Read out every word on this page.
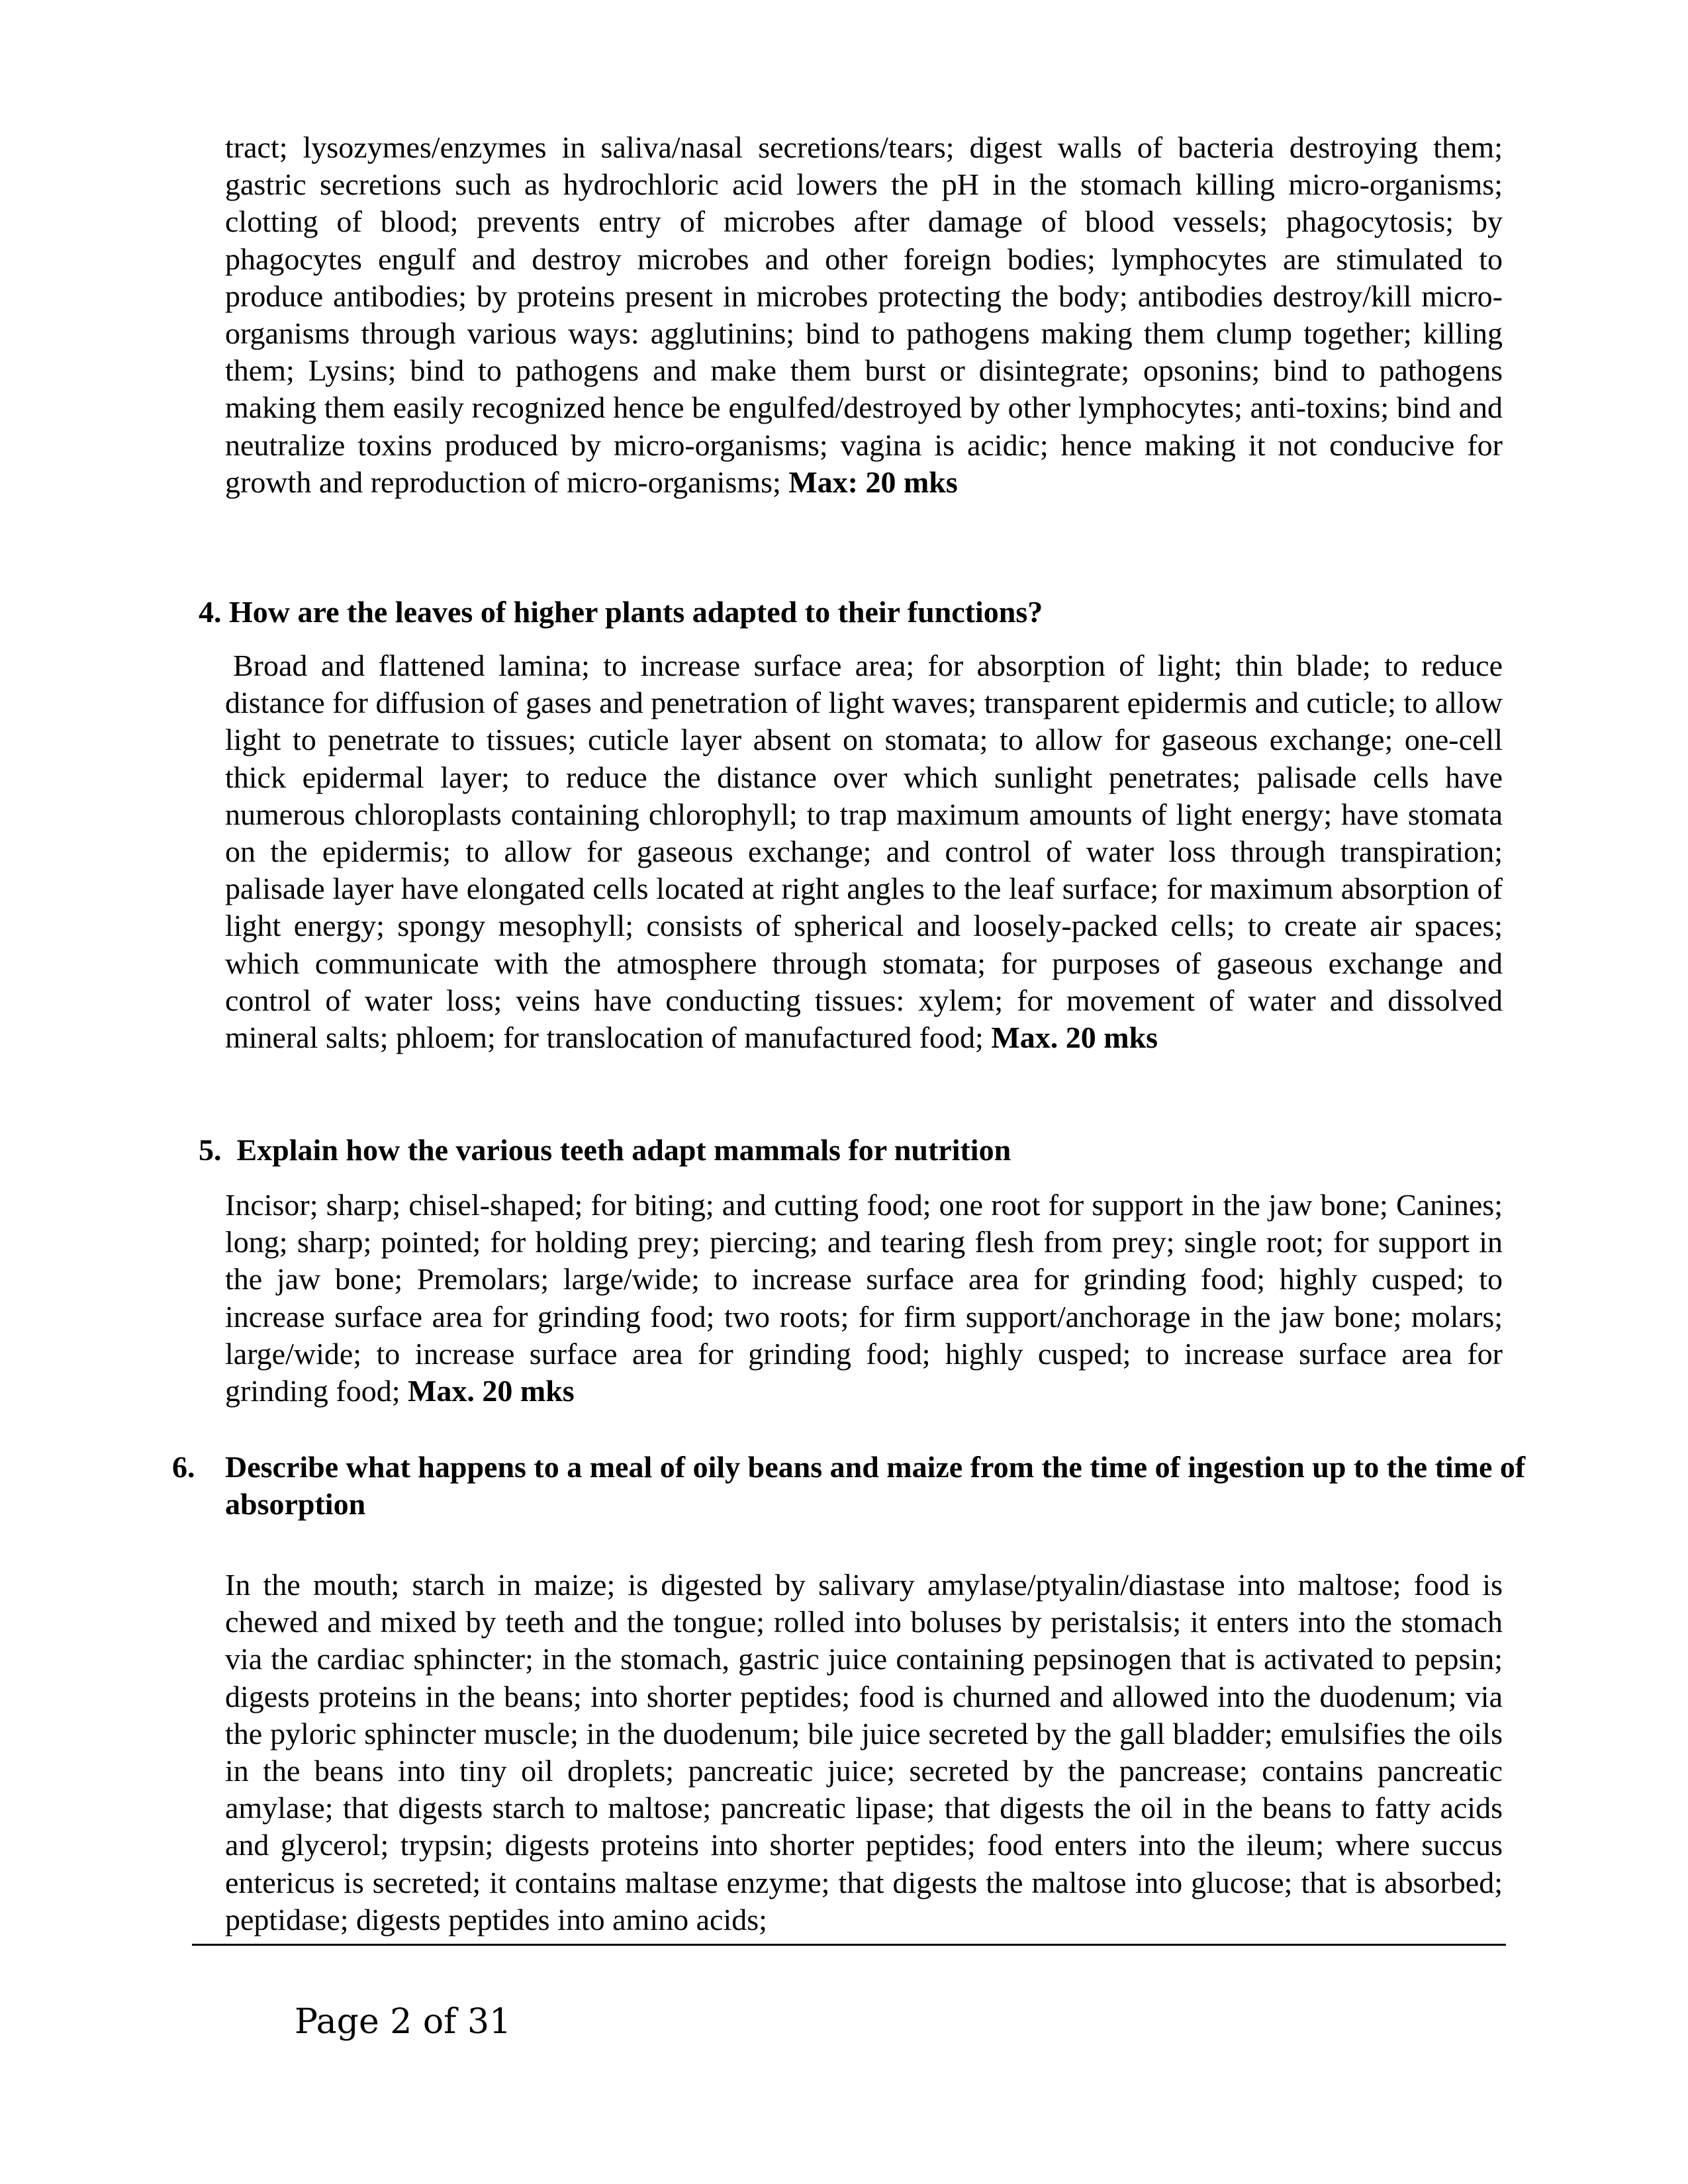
tract; lysozymes/enzymes in saliva/nasal secretions/tears; digest walls of bacteria destroying them; gastric secretions such as hydrochloric acid lowers the pH in the stomach killing micro-organisms; clotting of blood; prevents entry of microbes after damage of blood vessels; phagocytosis; by phagocytes engulf and destroy microbes and other foreign bodies; lymphocytes are stimulated to produce antibodies; by proteins present in microbes protecting the body; antibodies destroy/kill micro-organisms through various ways: agglutinins; bind to pathogens making them clump together; killing them; Lysins; bind to pathogens and make them burst or disintegrate; opsonins; bind to pathogens making them easily recognized hence be engulfed/destroyed by other lymphocytes; anti-toxins; bind and neutralize toxins produced by micro-organisms; vagina is acidic; hence making it not conducive for growth and reproduction of micro-organisms; Max: 20 mks

4. How are the leaves of higher plants adapted to their functions?

Broad and flattened lamina; to increase surface area; for absorption of light; thin blade; to reduce distance for diffusion of gases and penetration of light waves; transparent epidermis and cuticle; to allow light to penetrate to tissues; cuticle layer absent on stomata; to allow for gaseous exchange; one-cell thick epidermal layer; to reduce the distance over which sunlight penetrates; palisade cells have numerous chloroplasts containing chlorophyll; to trap maximum amounts of light energy; have stomata on the epidermis; to allow for gaseous exchange; and control of water loss through transpiration; palisade layer have elongated cells located at right angles to the leaf surface; for maximum absorption of light energy; spongy mesophyll; consists of spherical and loosely-packed cells; to create air spaces; which communicate with the atmosphere through stomata; for purposes of gaseous exchange and control of water loss; veins have conducting tissues: xylem; for movement of water and dissolved mineral salts; phloem; for translocation of manufactured food; Max. 20 mks

5. Explain how the various teeth adapt mammals for nutrition

Incisor; sharp; chisel-shaped; for biting; and cutting food; one root for support in the jaw bone; Canines; long; sharp; pointed; for holding prey; piercing; and tearing flesh from prey; single root; for support in the jaw bone; Premolars; large/wide; to increase surface area for grinding food; highly cusped; to increase surface area for grinding food; two roots; for firm support/anchorage in the jaw bone; molars; large/wide; to increase surface area for grinding food; highly cusped; to increase surface area for grinding food; Max. 20 mks

6. Describe what happens to a meal of oily beans and maize from the time of ingestion up to the time of absorption

In the mouth; starch in maize; is digested by salivary amylase/ptyalin/diastase into maltose; food is chewed and mixed by teeth and the tongue; rolled into boluses by peristalsis; it enters into the stomach via the cardiac sphincter; in the stomach, gastric juice containing pepsinogen that is activated to pepsin; digests proteins in the beans; into shorter peptides; food is churned and allowed into the duodenum; via the pyloric sphincter muscle; in the duodenum; bile juice secreted by the gall bladder; emulsifies the oils in the beans into tiny oil droplets; pancreatic juice; secreted by the pancrease; contains pancreatic amylase; that digests starch to maltose; pancreatic lipase; that digests the oil in the beans to fatty acids and glycerol; trypsin; digests proteins into shorter peptides; food enters into the ileum; where succus entericus is secreted; it contains maltase enzyme; that digests the maltose into glucose; that is absorbed; peptidase; digests peptides into amino acids;

Page 2 of 31
